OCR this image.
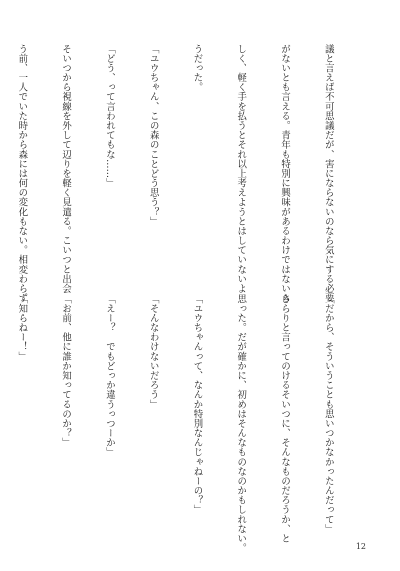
議と言えば不可思議だが、害にならないのなら気にする必要

がないとも言える。青年も特別に興味があるわけではないら

しく、軽く手を払うとそれ以上考えようとはしていないよ

うだった。

「ユウちゃん、この森のことどう思う？」

「どう、って言われてもな……」

そいつから視線を外して辺りを軽く見遣る。こいつと出会

う前、一人でいた時から森には何の変化もない。相変わらず

「だから、そういうことも思いつかなかったんだって」

さらりと言ってのけるそいつに、そんなものだろうか、と

思った。だが確かに、初めはそんなものなのかもしれない。

「ユウちゃんって、なんか特別なんじゃねーの？」

「そんなわけないだろう」

「えー？　でもどっか違うっつーか」

「お前、他に誰か知ってるのか？」

「知らねー！」

12
